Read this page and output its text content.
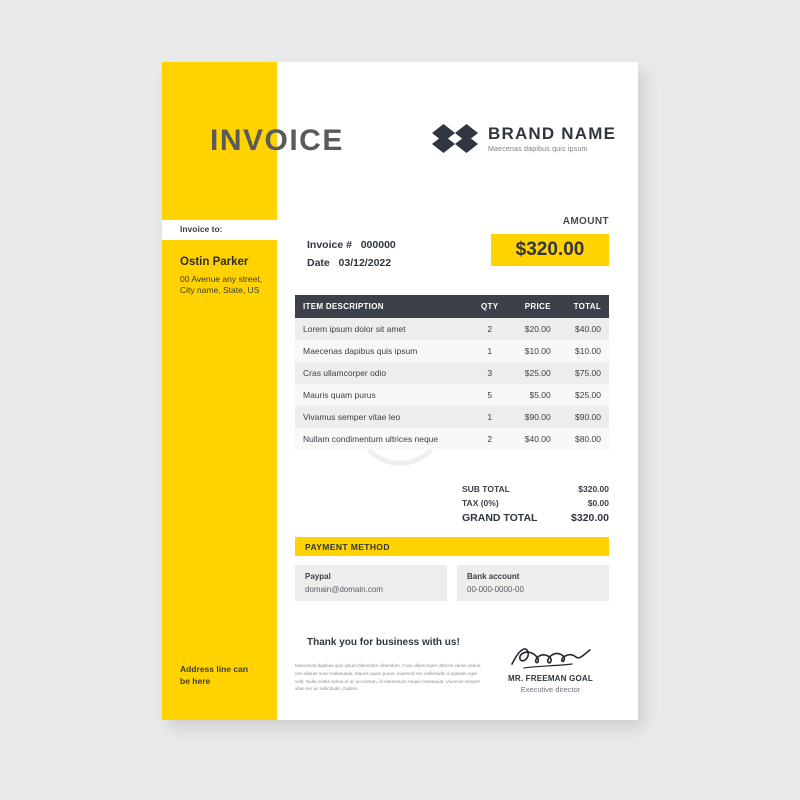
Invoice to:
Ostin Parker
00 Avenue any street,
City name, State, US
Address line can
be here
INVOICE	BRAND NAME
Maecenas dapibus quis ipsum
Invoice # 000000
Date 03/12/2022
AMOUNT
$320.00
ITEM DESCRIPTION	QTY	PRICE	TOTAL
Lorem ipsum dolor sit amet	2	$20.00	$40.00
Maecenas dapibus quis ipsum	1	$10.00	$10.00
Cras ullamcorper odio	3	$25.00	$75.00
Mauris quam purus	5	$5.00	$25.00
Vivamus semper vitae leo	1	$90.00	$90.00
Nullam condimentum ultrices neque	2	$40.00	$80.00
SUB TOTAL	$320.00
TAX (0%)	$0.00
GRAND TOTAL	$320.00
PAYMENT METHOD
Paypal
domain@domain.com
Bank account
00-000-0000-00
Thank you for business with us!
Maecenas dapibus quis ipsum bibendum nibendum. Cras ullamcorper ultrices varius varius, non aliquet nunc malesuada. Mauris quam purus, euismod nec sollicitudin a egestas eget velit. Nulla mattis varius et ac accumsan, id elementum neque consequat. Vivamus semper vitae leo ac sollicitudin, Nullam.
MR. FREEMAN GOAL
Executive director
